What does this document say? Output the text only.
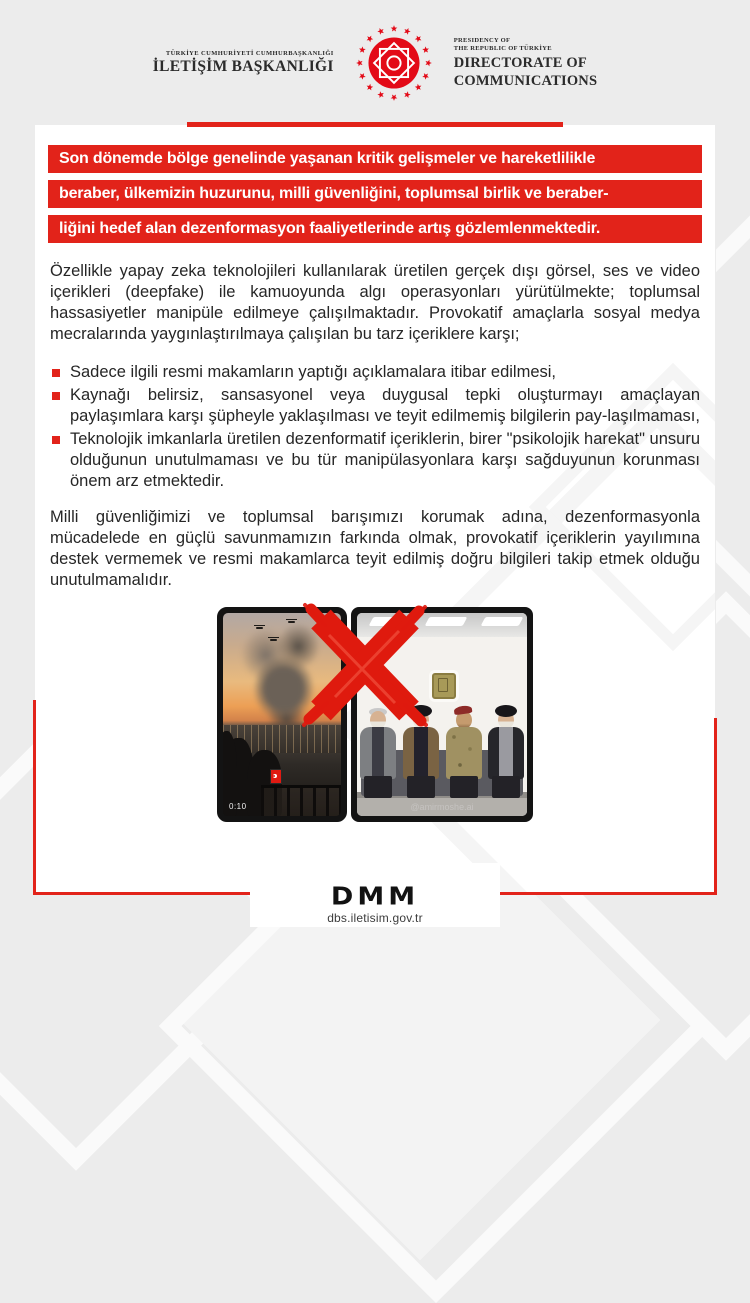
TÜRKİYE CUMHURİYETİ CUMHURBAŞKANLIĞI
İLETİŞİM BAŞKANLIĞI
PRESIDENCY OF
THE REPUBLIC OF TÜRKİYE
DIRECTORATE OF
COMMUNICATIONS
Son dönemde bölge genelinde yaşanan kritik gelişmeler ve hareketlilikle
beraber, ülkemizin huzurunu, milli güvenliğini, toplumsal birlik ve beraber-
liğini hedef alan dezenformasyon faaliyetlerinde artış gözlemlenmektedir.

Özellikle yapay zeka teknolojileri kullanılarak üretilen gerçek dışı görsel, ses ve video içerikleri (deepfake) ile kamuoyunda algı operasyonları yürütülmekte; toplumsal hassasiyetler manipüle edilmeye çalışılmaktadır. Provokatif amaçlarla sosyal medya mecralarında yaygınlaştırılmaya çalışılan bu tarz içeriklere karşı;

Sadece ilgili resmi makamların yaptığı açıklamalara itibar edilmesi,
Kaynağı belirsiz, sansasyonel veya duygusal tepki oluşturmayı amaçlayan paylaşımlara karşı şüpheyle yaklaşılması ve teyit edilmemiş bilgilerin pay-laşılmaması,
Teknolojik imkanlarla üretilen dezenformatif içeriklerin, birer "psikolojik harekat" unsuru olduğunun unutulmaması ve bu tür manipülasyonlara karşı sağduyunun korunması önem arz etmektedir.

Milli güvenliğimizi ve toplumsal barışımızı korumak adına, dezenformasyonla mücadelede en güçlü savunmamızın farkında olmak, provokatif içeriklerin yayılımına destek vermemek ve resmi makamlarca teyit edilmiş doğru bilgileri takip etmek olduğu unutulmamalıdır.

0:10	@amirmoshe.ai
DMM
dbs.iletisim.gov.tr
